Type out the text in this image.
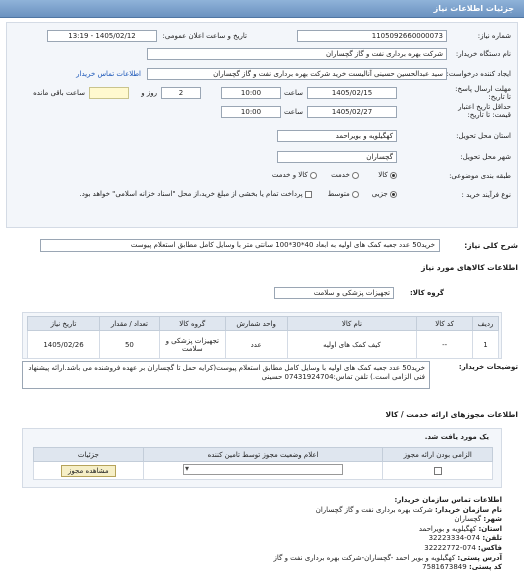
جزئیات اطلاعات نیاز
شماره نیاز:
1105092660000073
تاریخ و ساعت اعلان عمومی:
1405/02/12 - 13:19
نام دستگاه خریدار:
شرکت بهره برداری نفت و گاز گچساران
ایجاد کننده درخواست:
سید عبدالحسین حسینی آنالیست خرید شرکت بهره برداری نفت و گاز گچساران
اطلاعات تماس خریدار
مهلت ارسال پاسخ: تا تاریخ:
1405/02/15
ساعت
10:00
2
روز و
ساعت باقی مانده
حداقل تاریخ اعتبار قیمت: تا تاریخ:
1405/02/27
ساعت
10:00
استان محل تحویل:
کهگیلویه و بویراحمد
شهر محل تحویل:
گچساران
طبقه بندی موضوعی:
کالا
خدمت
کالا و خدمت
نوع فرآیند خرید :
جزیی
متوسط
پرداخت تمام یا بخشی از مبلغ خرید،از محل "اسناد خزانه اسلامی" خواهد بود.
شرح کلی نیاز:
خرید50 عدد جعبه کمک های اولیه به ابعاد 40*30*100 سانتی متر با وسایل کامل مطابق استعلام پیوست
اطلاعات کالاهای مورد نیاز
گروه کالا:
تجهیزات پزشکی و سلامت
ردیف	کد کالا	نام کالا	واحد شمارش	گروه کالا	تعداد / مقدار	تاریخ نیاز
1	--	کیف کمک های اولیه	عدد	تجهیزات پزشکی و سلامت	50	1405/02/26
توضیحات خریدار:
خرید50 عدد جعبه کمک های اولیه با وسایل کامل مطابق استعلام پیوست(کرایه حمل تا گچساران بر عهده فروشنده می باشد.ارائه پیشنهاد فنی الزامی است.) تلفن تماس:07431924704 حسینی
اطلاعات مجوزهای ارائه خدمت / کالا
یک مورد یافت شد.
الزامی بودن ارائه مجوز	اعلام وضعیت مجوز توسط تامین کننده	جزئیات
	▾	مشاهده مجوز
اطلاعات تماس سازمان خریدار:
نام سازمان خریدار: شرکت بهره برداری نفت و گاز گچساران
شهر: گچساران
استان: کهگیلویه و بویراحمد
تلفن: 074-32223334
فاکس: 074-32222772
آدرس پستی: کهگیلویه و بویر احمد -گچساران-شرکت بهره برداری نفت و گاز
کد پستی: 7581673849
